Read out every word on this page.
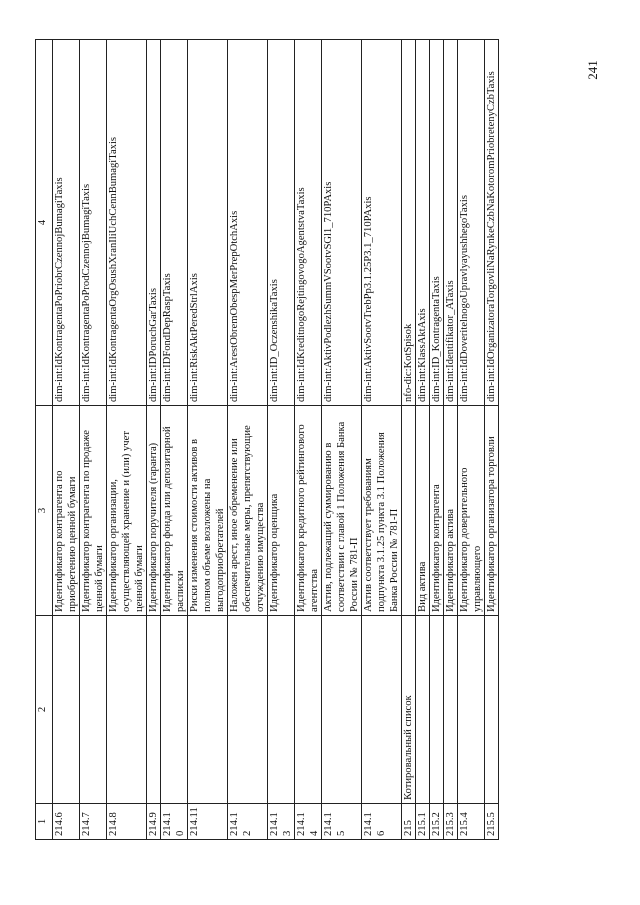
1	2	3	4
214.6		Идентификатор контрагента по приобретению ценной бумаги	dim-int:IdKontragentaPoPriobrCzennojBumagiTaxis
214.7		Идентификатор контрагента по продаже ценной бумаги	dim-int:IdKontragentaPoProdCzennojBumagiTaxis
214.8		Идентификатор организации, осуществляющей хранение и (или) учет ценной бумаги	dim-int:IdKontragentaOrgOsushXranIliUchCennBumagiTaxis
214.9		Идентификатор поручителя (гаранта)	dim-int:IDPoruchGarTaxis
214.10		Идентификатор фонда или депозитарной расписки	dim-int:IDFondDepRaspTaxis
214.11		Риски изменения стоимости активов в полном объеме возложены на выгодоприобретателей	dim-int:RiskAktPeredStrlAxis
214.12		Наложен арест, иное обременение или обеспечительные меры, препятствующие отчуждению имущества	dim-int:ArestObremObespMerPrepOtchAxis
214.13		Идентификатор оценщика	dim-int:ID_OczenshikaTaxis
214.14		Идентификатор кредитного рейтингового агентства	dim-int:IdKreditnogoRejtingovogoAgentstvaTaxis
214.15		Актив, подлежащий суммированию в соответствии с главой 1 Положения Банка России № 781-П	dim-int:AktivPodlezhSummVSootvSGl1_710PAxis
214.16		Актив соответствует требованиям подпункта 3.1.25 пункта 3.1 Положения Банка России № 781-П	dim-int:AktivSootvTrebPp3.1.25P3.1_710PAxis
215	Котировальный список		nfo-dic:KotSpisok
215.1		Вид актива	dim-int:KlassAktAxis
215.2		Идентификатор контрагента	dim-int:ID_KontragentaTaxis
215.3		Идентификатор актива	dim-int:Identifikator_ATaxis
215.4		Идентификатор доверительного управляющего	dim-int:IdDoveritelnogoUpravlyayushhegoTaxis
215.5		Идентификатор организатора торговли	dim-int:IdOrganizatoraTorgovliNaRynkeCzbNaKotoromPriobretenyCzbTaxis
241
